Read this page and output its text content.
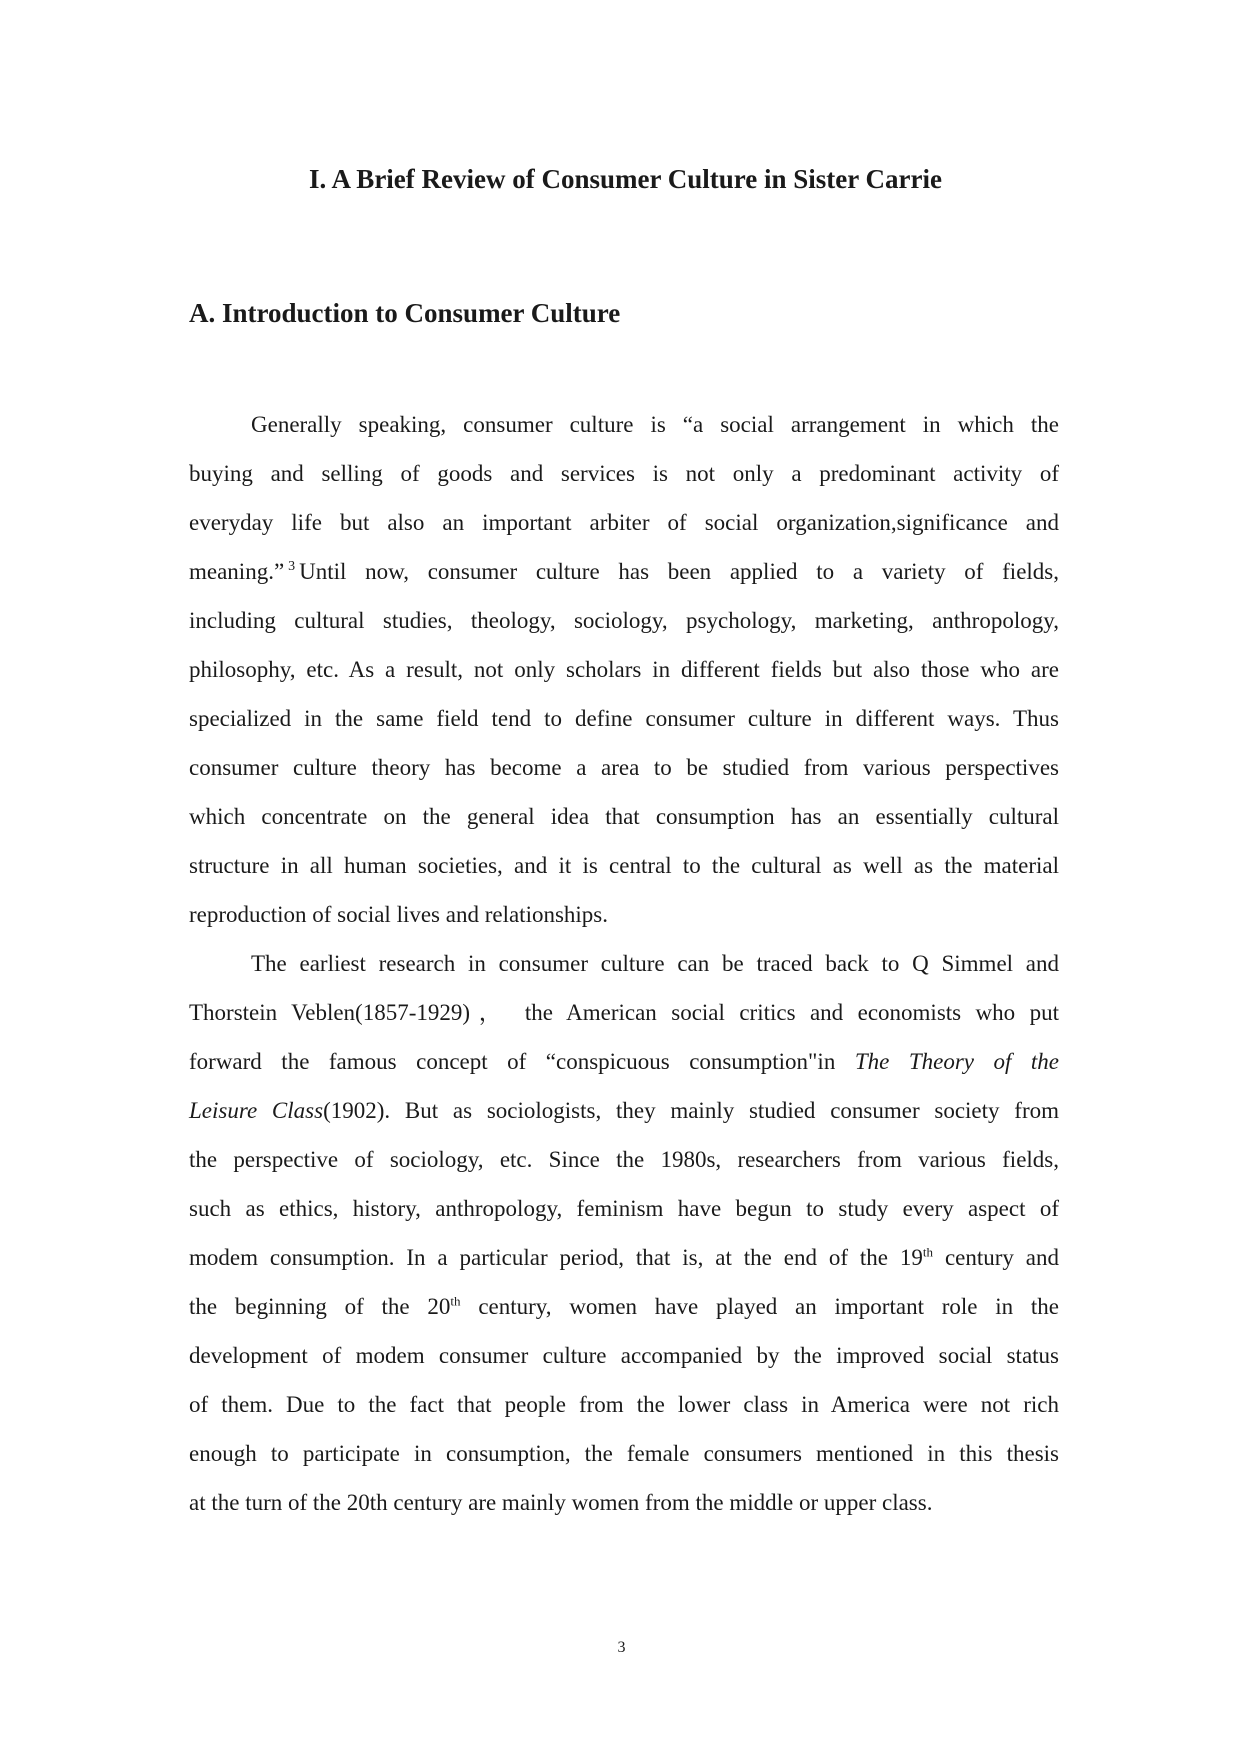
I. A Brief Review of Consumer Culture in Sister Carrie
A. Introduction to Consumer Culture
Generally speaking, consumer culture is “a social arrangement in which the
buying and selling of goods and services is not only a predominant activity of
everyday life but also an important arbiter of social organization,significance and
meaning.” $^3$ Until now, consumer culture has been applied to a variety of fields,
including cultural studies, theology, sociology, psychology, marketing, anthropology,
philosophy, etc. As a result, not only scholars in different fields but also those who are
specialized in the same field tend to define consumer culture in different ways. Thus
consumer culture theory has become a area to be studied from various perspectives
which concentrate on the general idea that consumption has an essentially cultural
structure in all human societies, and it is central to the cultural as well as the material
reproduction of social lives and relationships.
The earliest research in consumer culture can be traced back to Q Simmel and
Thorstein Veblen(1857-1929)， the American social critics and economists who put
forward the famous concept of “conspicuous consumption"in The Theory of the
Leisure Class(1902). But as sociologists, they mainly studied consumer society from
the perspective of sociology, etc. Since the 1980s, researchers from various fields,
such as ethics, history, anthropology, feminism have begun to study every aspect of
modem consumption. In a particular period, that is, at the end of the 19th century and
the beginning of the 20th century, women have played an important role in the
development of modem consumer culture accompanied by the improved social status
of them. Due to the fact that people from the lower class in America were not rich
enough to participate in consumption, the female consumers mentioned in this thesis
at the turn of the 20th century are mainly women from the middle or upper class.
3
